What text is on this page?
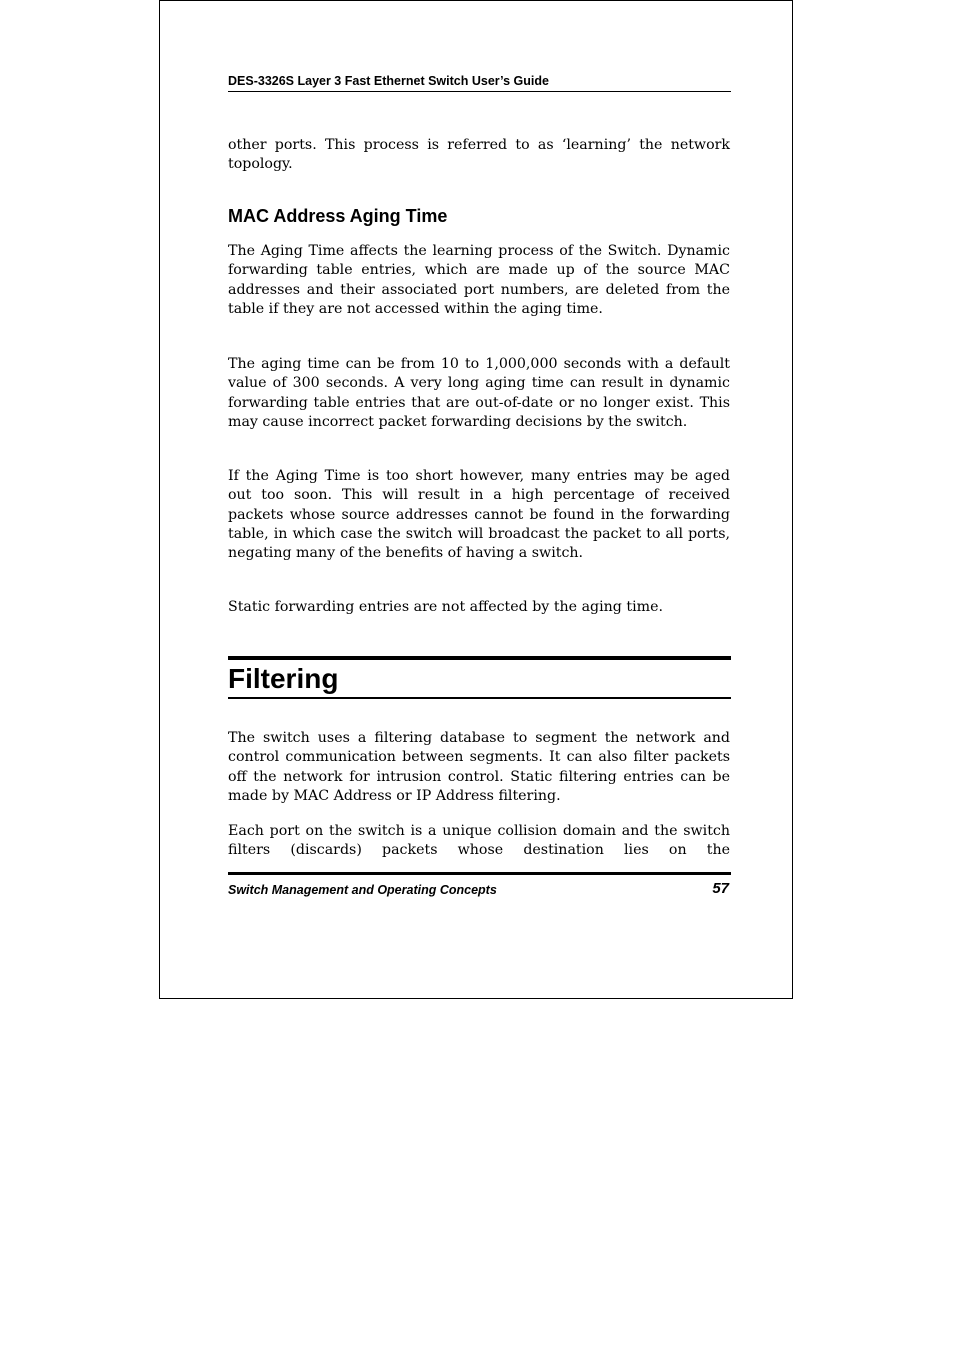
DES-3326S Layer 3 Fast Ethernet Switch User’s Guide

other ports. This process is referred to as ‘learning’ the network topology.

MAC Address Aging Time

The Aging Time affects the learning process of the Switch. Dynamic forwarding table entries, which are made up of the source MAC addresses and their associated port numbers, are deleted from the table if they are not accessed within the aging time.

The aging time can be from 10 to 1,000,000 seconds with a default value of 300 seconds. A very long aging time can result in dynamic forwarding table entries that are out-of-date or no longer exist. This may cause incorrect packet forwarding decisions by the switch.

If the Aging Time is too short however, many entries may be aged out too soon. This will result in a high percentage of received packets whose source addresses cannot be found in the forwarding table, in which case the switch will broadcast the packet to all ports, negating many of the benefits of having a switch.

Static forwarding entries are not affected by the aging time.

Filtering

The switch uses a filtering database to segment the network and control communication between segments. It can also filter packets off the network for intrusion control. Static filtering entries can be made by MAC Address or IP Address filtering.

Each port on the switch is a unique collision domain and the switch filters (discards) packets whose destination lies on the

Switch Management and Operating Concepts	57
